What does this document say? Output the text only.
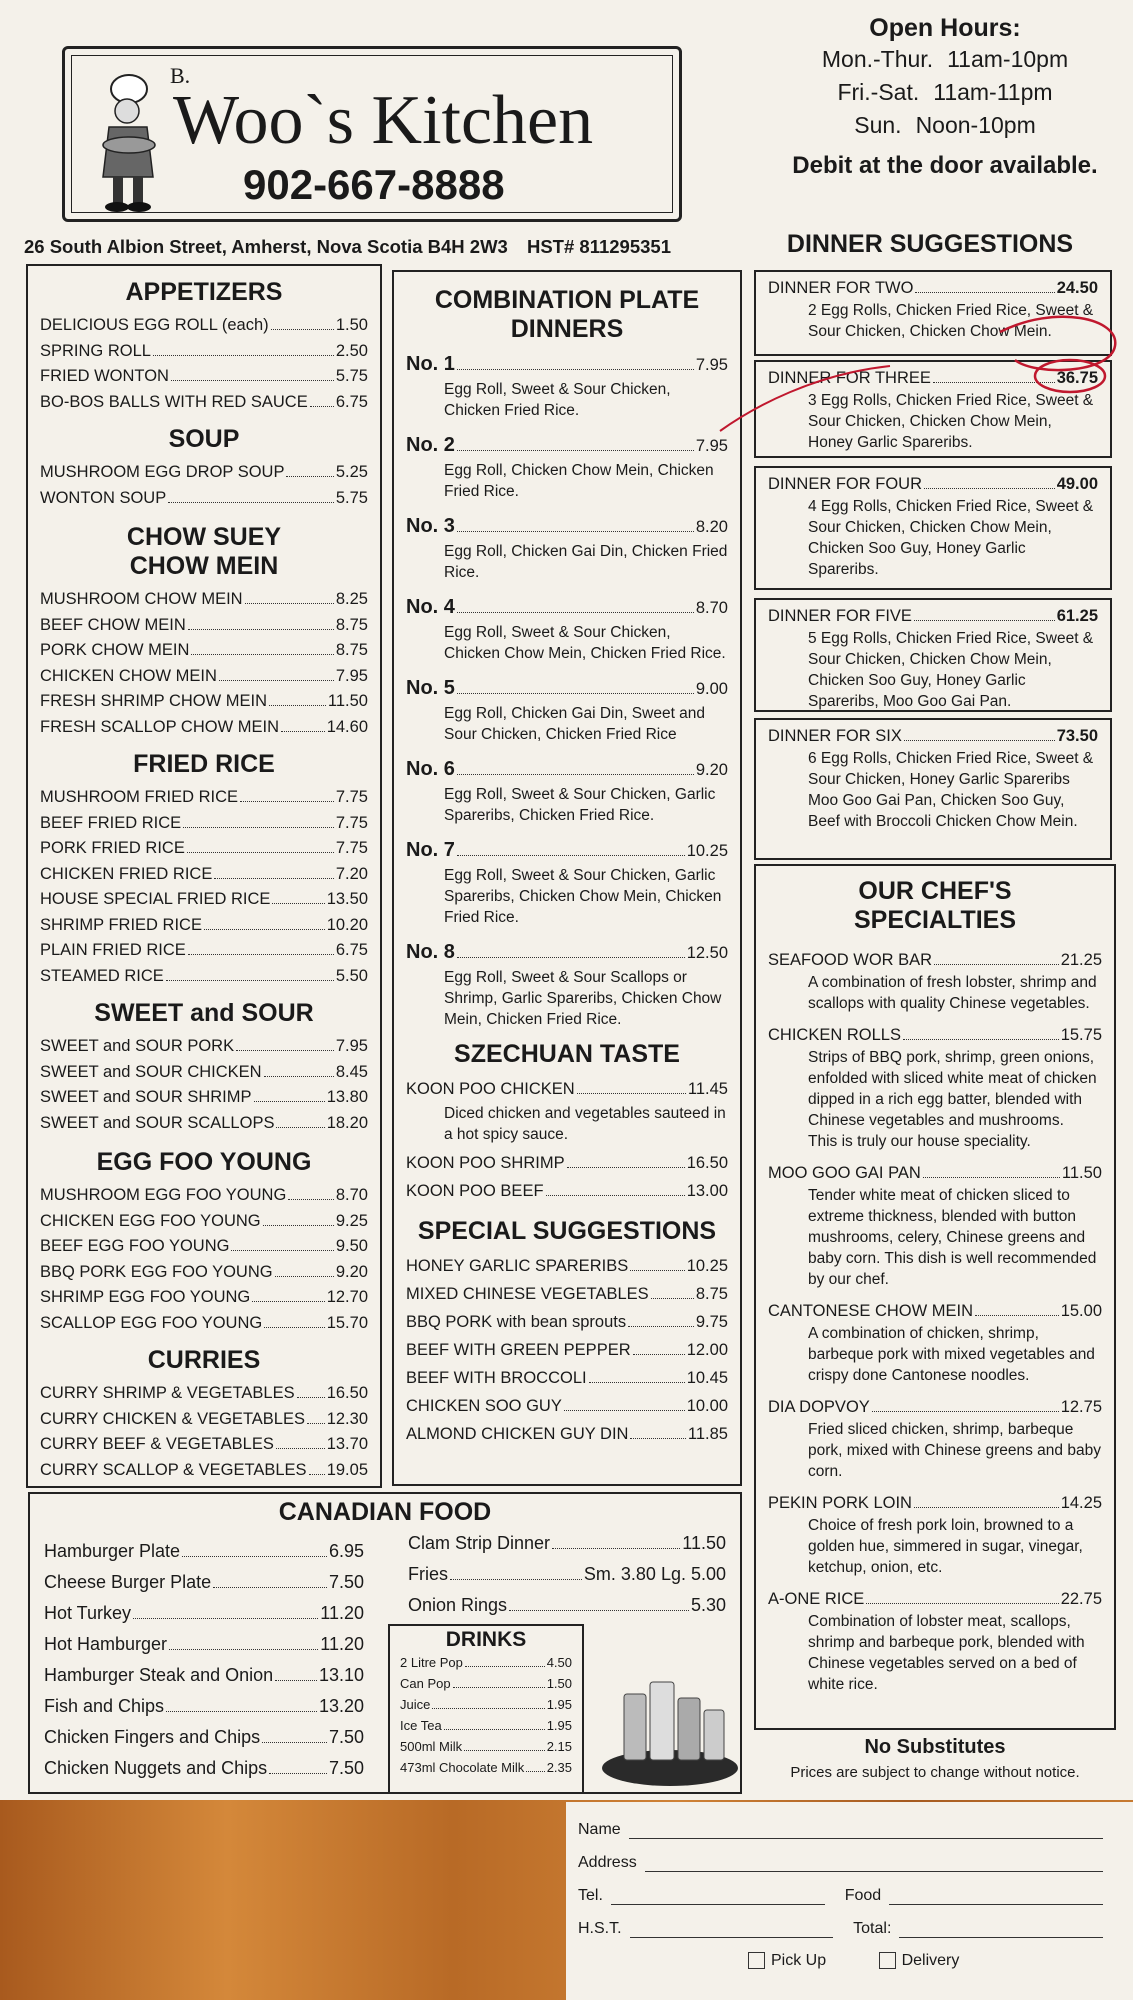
B.
Woo`s Kitchen
902-667-8888
26 South Albion Street, Amherst, Nova Scotia B4H 2W3 HST# 811295351
Open Hours:
Mon.-Thur. 11am-10pm
Fri.-Sat. 11am-11pm
Sun. Noon-10pm
Debit at the door available.
APPETIZERS
DELICIOUS EGG ROLL (each)	1.50
SPRING ROLL	2.50
FRIED WONTON	5.75
BO-BOS BALLS WITH RED SAUCE 6.75
SOUP
MUSHROOM EGG DROP SOUP	5.25
WONTON SOUP	5.75
CHOW SUEY
CHOW MEIN
MUSHROOM CHOW MEIN	8.25
BEEF CHOW MEIN	8.75
PORK CHOW MEIN	8.75
CHICKEN CHOW MEIN	7.95
FRESH SHRIMP CHOW MEIN	11.50
FRESH SCALLOP CHOW MEIN	14.60
FRIED RICE
MUSHROOM FRIED RICE	7.75
BEEF FRIED RICE	7.75
PORK FRIED RICE	7.75
CHICKEN FRIED RICE	7.20
HOUSE SPECIAL FRIED RICE	13.50
SHRIMP FRIED RICE	10.20
PLAIN FRIED RICE	6.75
STEAMED RICE	5.50
SWEET and SOUR
SWEET and SOUR PORK	7.95
SWEET and SOUR CHICKEN	8.45
SWEET and SOUR SHRIMP	13.80
SWEET and SOUR SCALLOPS	18.20
EGG FOO YOUNG
MUSHROOM EGG FOO YOUNG	8.70
CHICKEN EGG FOO YOUNG	9.25
BEEF EGG FOO YOUNG	9.50
BBQ PORK EGG FOO YOUNG	9.20
SHRIMP EGG FOO YOUNG	12.70
SCALLOP EGG FOO YOUNG	15.70
CURRIES
CURRY SHRIMP & VEGETABLES 16.50
CURRY CHICKEN & VEGETABLES 12.30
CURRY BEEF & VEGETABLES	13.70
CURRY SCALLOP & VEGETABLES 19.05
COMBINATION PLATE
DINNERS
No. 1	7.95
Egg Roll, Sweet & Sour Chicken, Chicken Fried Rice.
No. 2	7.95
Egg Roll, Chicken Chow Mein, Chicken Fried Rice.
No. 3	8.20
Egg Roll, Chicken Gai Din, Chicken Fried Rice.
No. 4	8.70
Egg Roll, Sweet & Sour Chicken, Chicken Chow Mein, Chicken Fried Rice.
No. 5	9.00
Egg Roll, Chicken Gai Din, Sweet and Sour Chicken, Chicken Fried Rice
No. 6	9.20
Egg Roll, Sweet & Sour Chicken, Garlic Spareribs, Chicken Fried Rice.
No. 7	10.25
Egg Roll, Sweet & Sour Chicken, Garlic Spareribs, Chicken Chow Mein, Chicken Fried Rice.
No. 8	12.50
Egg Roll, Sweet & Sour Scallops or Shrimp, Garlic Spareribs, Chicken Chow Mein, Chicken Fried Rice.
SZECHUAN TASTE
KOON POO CHICKEN	11.45
Diced chicken and vegetables sauteed in a hot spicy sauce.
KOON POO SHRIMP	16.50
KOON POO BEEF	13.00
SPECIAL SUGGESTIONS
HONEY GARLIC SPARERIBS	10.25
MIXED CHINESE VEGETABLES	8.75
BBQ PORK with bean sprouts	9.75
BEEF WITH GREEN PEPPER	12.00
BEEF WITH BROCCOLI	10.45
CHICKEN SOO GUY	10.00
ALMOND CHICKEN GUY DIN	11.85
DINNER SUGGESTIONS
DINNER FOR TWO	24.50
2 Egg Rolls, Chicken Fried Rice, Sweet & Sour Chicken, Chicken Chow Mein.
DINNER FOR THREE	36.75
3 Egg Rolls, Chicken Fried Rice, Sweet & Sour Chicken, Chicken Chow Mein, Honey Garlic Spareribs.
DINNER FOR FOUR	49.00
4 Egg Rolls, Chicken Fried Rice, Sweet & Sour Chicken, Chicken Chow Mein, Chicken Soo Guy, Honey Garlic Spareribs.
DINNER FOR FIVE	61.25
5 Egg Rolls, Chicken Fried Rice, Sweet & Sour Chicken, Chicken Chow Mein, Chicken Soo Guy, Honey Garlic Spareribs, Moo Goo Gai Pan.
DINNER FOR SIX	73.50
6 Egg Rolls, Chicken Fried Rice, Sweet & Sour Chicken, Honey Garlic Spareribs Moo Goo Gai Pan, Chicken Soo Guy, Beef with Broccoli Chicken Chow Mein.
OUR CHEF'S
SPECIALTIES
SEAFOOD WOR BAR	21.25
A combination of fresh lobster, shrimp and scallops with quality Chinese vegetables.
CHICKEN ROLLS	15.75
Strips of BBQ pork, shrimp, green onions, enfolded with sliced white meat of chicken dipped in a rich egg batter, blended with Chinese vegetables and mushrooms.
This is truly our house speciality.
MOO GOO GAI PAN	11.50
Tender white meat of chicken sliced to extreme thickness, blended with button mushrooms, celery, Chinese greens and baby corn. This dish is well recommended by our chef.
CANTONESE CHOW MEIN	15.00
A combination of chicken, shrimp, barbeque pork with mixed vegetables and crispy done Cantonese noodles.
DIA DOPVOY	12.75
Fried sliced chicken, shrimp, barbeque pork, mixed with Chinese greens and baby corn.
PEKIN PORK LOIN	14.25
Choice of fresh pork loin, browned to a golden hue, simmered in sugar, vinegar, ketchup, onion, etc.
A-ONE RICE	22.75
Combination of lobster meat, scallops, shrimp and barbeque pork, blended with Chinese vegetables served on a bed of white rice.
No Substitutes
Prices are subject to change without notice.
CANADIAN FOOD
Hamburger Plate	6.95
Cheese Burger Plate	7.50
Hot Turkey	11.20
Hot Hamburger	11.20
Hamburger Steak and Onion	13.10
Fish and Chips	13.20
Chicken Fingers and Chips	7.50
Chicken Nuggets and Chips	7.50
Clam Strip Dinner	11.50
Fries	Sm. 3.80 Lg. 5.00
Onion Rings	5.30
DRINKS
2 Litre Pop	4.50
Can Pop	1.50
Juice	1.95
Ice Tea	1.95
500ml Milk	2.15
473ml Chocolate Milk 2.35
Name
Address
Tel.	Food
H.S.T.	Total:
Pick Up	Delivery
